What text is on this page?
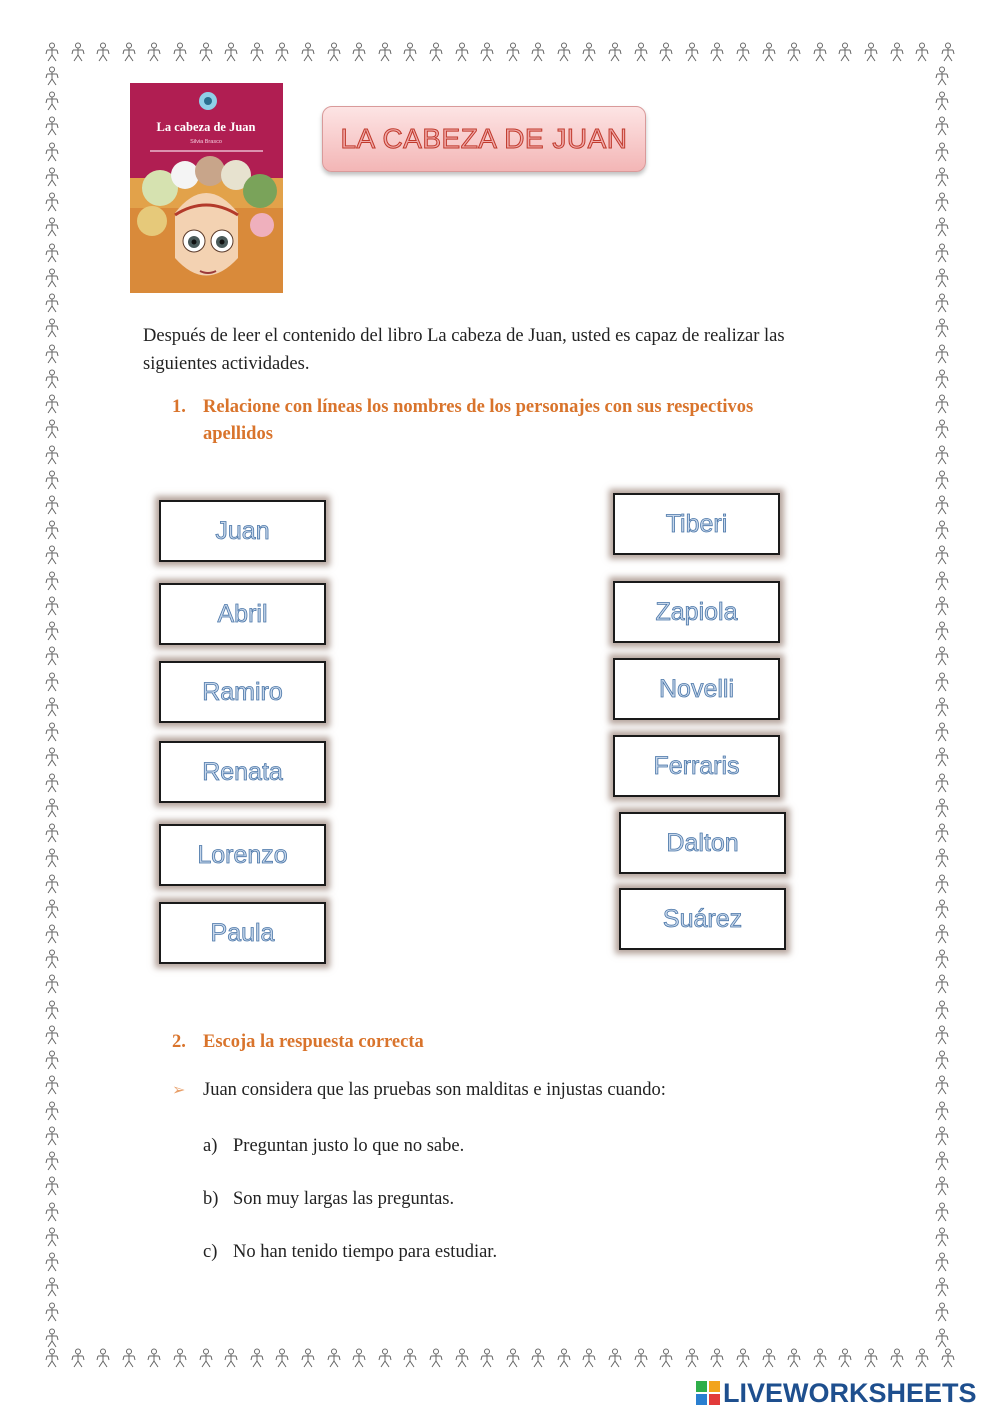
La cabeza de Juan
Silvia Brasco	LA CABEZA DE JUAN
Después de leer el contenido del libro La cabeza de Juan, usted es capaz de realizar las siguientes actividades.
1. Relacione con líneas los nombres de los personajes con sus respectivos
apellidos
Juan
Abril
Ramiro
Renata
Lorenzo
Paula
Tiberi
Zapiola
Novelli
Ferraris
Dalton
Suárez
2. Escoja la respuesta correcta
➢ Juan considera que las pruebas son malditas e injustas cuando:
a) Preguntan justo lo que no sabe.
b) Son muy largas las preguntas.
c) No han tenido tiempo para estudiar.
LIVEWORKSHEETS
